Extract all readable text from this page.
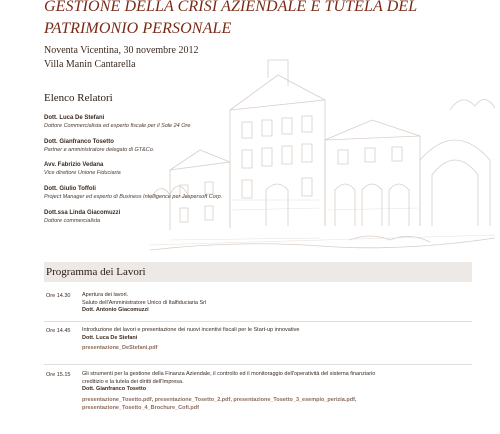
GESTIONE DELLA CRISI AZIENDALE E TUTELA DEL PATRIMONIO PERSONALE
Noventa Vicentina, 30 novembre 2012
Villa Manin Cantarella
Elenco Relatori
Dott. Luca De Stefani
Dottore Commercialista ed esperto fiscale per il Sole 24 Ore
Dott. Gianfranco Tosetto
Partner e amministratore delegato di GT&Co.
Avv. Fabrizio Vedana
Vice direttore Unione Fiduciaria
Dott. Giulio Toffoli
Project Manager ed esperto di Business Intelligence per Jaspersoft Corp.
Dott.ssa Linda Giacomuzzi
Dottore commercialista
Programma dei Lavori
Ore 14.30	Apertura dei lavori.
Saluto dell'Amministratore Unico di Italfiduciaria Srl
Dott. Antonio Giacomuzzi
Ore 14.45	Introduzione dei lavori e presentazione dei nuovi incentivi fiscali per le Start-up innovative
Dott. Luca De Stefani
presentazione_DeStefani.pdf
Ore 15.15	Gli strumenti per la gestione della Finanza Aziendale, il controllo ed il monitoraggio dell'operatività del sistema finanziario
creditizio e la tutela dei diritti dell'Impresa.
Dott. Gianfranco Tosetto
presentazione_Tosetto.pdf, presentazione_Tosetto_2.pdf, presentazione_Tosetto_3_esempio_perizia.pdf,
presentazione_Tosetto_4_Brochure_Cofi.pdf
